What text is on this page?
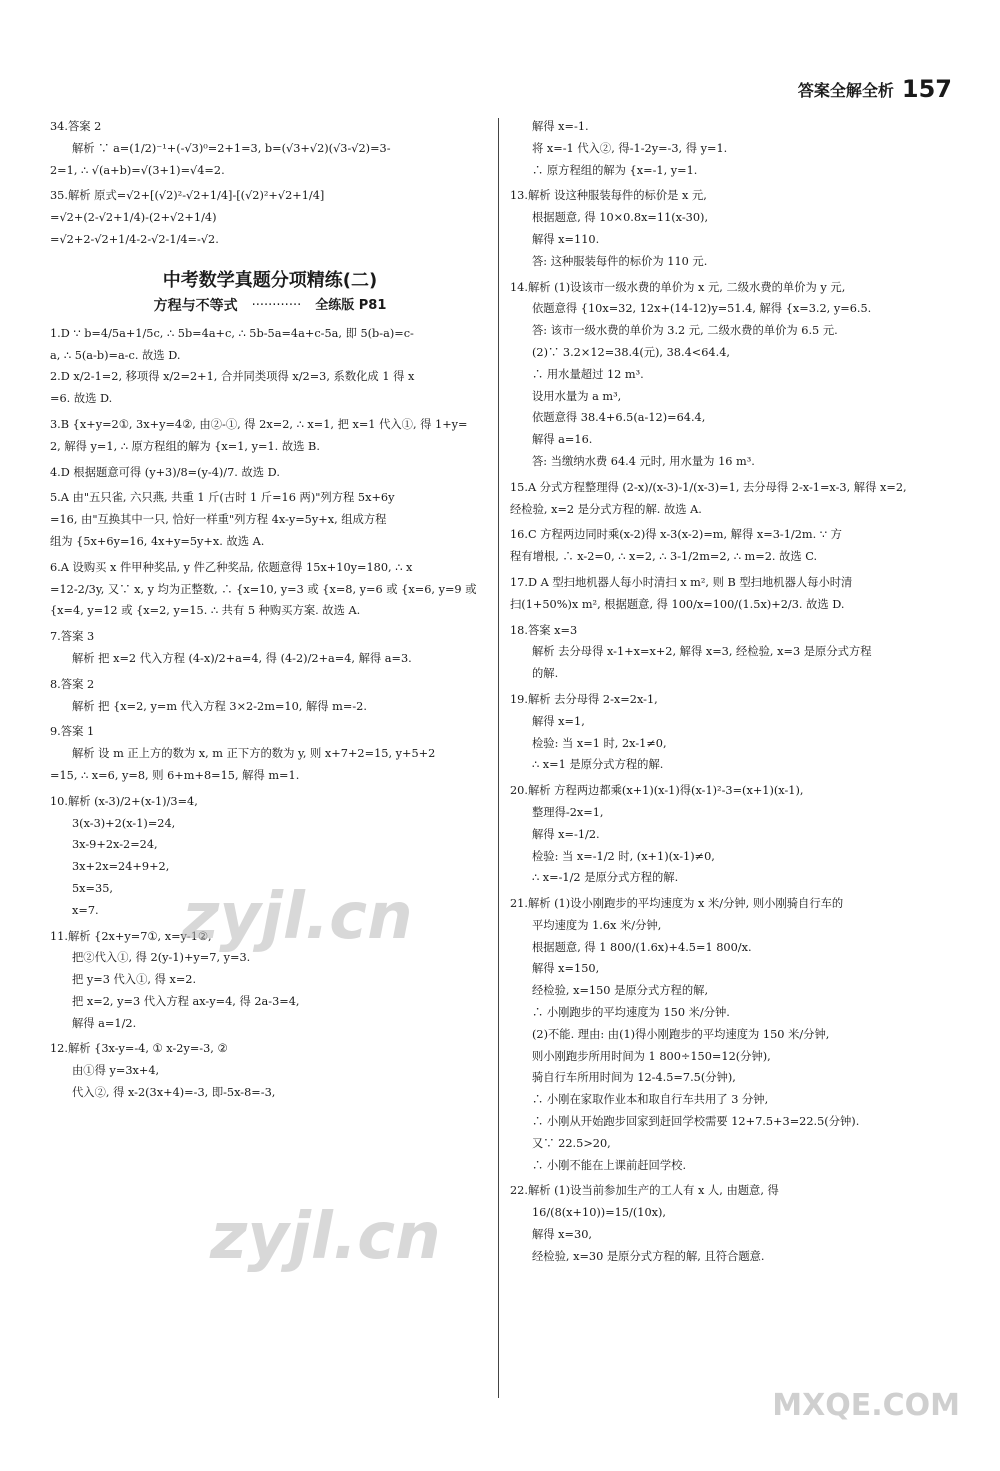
答案全解全析 157
34.答案 2
解析 ∵ a=(1/2)⁻¹+(-√3)⁰=2+1=3, b=(√3+√2)(√3-√2)=3-
2=1, ∴ √(a+b)=√(3+1)=√4=2.
35.解析 原式=√2+[(√2)²-√2+1/4]-[(√2)²+√2+1/4]
=√2+(2-√2+1/4)-(2+√2+1/4)
=√2+2-√2+1/4-2-√2-1/4=-√2.
中考数学真题分项精练(二)
方程与不等式 ············ 全练版 P81
1.D ∵ b=4/5a+1/5c, ∴ 5b=4a+c, ∴ 5b-5a=4a+c-5a, 即 5(b-a)=c-
a, ∴ 5(a-b)=a-c. 故选 D.
2.D x/2-1=2, 移项得 x/2=2+1, 合并同类项得 x/2=3, 系数化成 1 得 x
=6. 故选 D.
3.B {x+y=2①, 3x+y=4②, 由②-①, 得 2x=2, ∴ x=1, 把 x=1 代入①, 得 1+y=
2, 解得 y=1, ∴ 原方程组的解为 {x=1, y=1. 故选 B.
4.D 根据题意可得 (y+3)/8=(y-4)/7. 故选 D.
5.A 由"五只雀, 六只燕, 共重 1 斤(古时 1 斤=16 两)"列方程 5x+6y
=16, 由"互换其中一只, 恰好一样重"列方程 4x-y=5y+x, 组成方程
组为 {5x+6y=16, 4x+y=5y+x. 故选 A.
6.A 设购买 x 件甲种奖品, y 件乙种奖品, 依题意得 15x+10y=180, ∴ x
=12-2/3y, 又∵ x, y 均为正整数, ∴ {x=10, y=3 或 {x=8, y=6 或 {x=6, y=9 或
{x=4, y=12 或 {x=2, y=15. ∴ 共有 5 种购买方案. 故选 A.
7.答案 3
解析 把 x=2 代入方程 (4-x)/2+a=4, 得 (4-2)/2+a=4, 解得 a=3.
8.答案 2
解析 把 {x=2, y=m 代入方程 3×2-2m=10, 解得 m=-2.
9.答案 1
解析 设 m 正上方的数为 x, m 正下方的数为 y, 则 x+7+2=15, y+5+2
=15, ∴ x=6, y=8, 则 6+m+8=15, 解得 m=1.
10.解析 (x-3)/2+(x-1)/3=4,
3(x-3)+2(x-1)=24,
3x-9+2x-2=24,
3x+2x=24+9+2,
5x=35,
x=7.
11.解析 {2x+y=7①, x=y-1②,
把②代入①, 得 2(y-1)+y=7, y=3.
把 y=3 代入①, 得 x=2.
把 x=2, y=3 代入方程 ax-y=4, 得 2a-3=4,
解得 a=1/2.
12.解析 {3x-y=-4, ① x-2y=-3, ②
由①得 y=3x+4,
代入②, 得 x-2(3x+4)=-3, 即-5x-8=-3,
解得 x=-1.
将 x=-1 代入②, 得-1-2y=-3, 得 y=1.
∴ 原方程组的解为 {x=-1, y=1.
13.解析 设这种服装每件的标价是 x 元,
根据题意, 得 10×0.8x=11(x-30),
解得 x=110.
答: 这种服装每件的标价为 110 元.
14.解析 (1)设该市一级水费的单价为 x 元, 二级水费的单价为 y 元,
依题意得 {10x=32, 12x+(14-12)y=51.4, 解得 {x=3.2, y=6.5.
答: 该市一级水费的单价为 3.2 元, 二级水费的单价为 6.5 元.
(2)∵ 3.2×12=38.4(元), 38.4<64.4,
∴ 用水量超过 12 m³.
设用水量为 a m³,
依题意得 38.4+6.5(a-12)=64.4,
解得 a=16.
答: 当缴纳水费 64.4 元时, 用水量为 16 m³.
15.A 分式方程整理得 (2-x)/(x-3)-1/(x-3)=1, 去分母得 2-x-1=x-3, 解得 x=2,
经检验, x=2 是分式方程的解. 故选 A.
16.C 方程两边同时乘(x-2)得 x-3(x-2)=m, 解得 x=3-1/2m. ∵ 方
程有增根, ∴ x-2=0, ∴ x=2, ∴ 3-1/2m=2, ∴ m=2. 故选 C.
17.D A 型扫地机器人每小时清扫 x m², 则 B 型扫地机器人每小时清
扫(1+50%)x m², 根据题意, 得 100/x=100/(1.5x)+2/3. 故选 D.
18.答案 x=3
解析 去分母得 x-1+x=x+2, 解得 x=3, 经检验, x=3 是原分式方程
的解.
19.解析 去分母得 2-x=2x-1,
解得 x=1,
检验: 当 x=1 时, 2x-1≠0,
∴ x=1 是原分式方程的解.
20.解析 方程两边都乘(x+1)(x-1)得(x-1)²-3=(x+1)(x-1),
整理得-2x=1,
解得 x=-1/2.
检验: 当 x=-1/2 时, (x+1)(x-1)≠0,
∴ x=-1/2 是原分式方程的解.
21.解析 (1)设小刚跑步的平均速度为 x 米/分钟, 则小刚骑自行车的
平均速度为 1.6x 米/分钟,
根据题意, 得 1 800/(1.6x)+4.5=1 800/x.
解得 x=150,
经检验, x=150 是原分式方程的解,
∴ 小刚跑步的平均速度为 150 米/分钟.
(2)不能. 理由: 由(1)得小刚跑步的平均速度为 150 米/分钟,
则小刚跑步所用时间为 1 800÷150=12(分钟),
骑自行车所用时间为 12-4.5=7.5(分钟),
∴ 小刚在家取作业本和取自行车共用了 3 分钟,
∴ 小刚从开始跑步回家到赶回学校需要 12+7.5+3=22.5(分钟).
又∵ 22.5>20,
∴ 小刚不能在上课前赶回学校.
22.解析 (1)设当前参加生产的工人有 x 人, 由题意, 得
16/(8(x+10))=15/(10x),
解得 x=30,
经检验, x=30 是原分式方程的解, 且符合题意.
zyjl.cn
zyjl.cn
MXQE.COM
